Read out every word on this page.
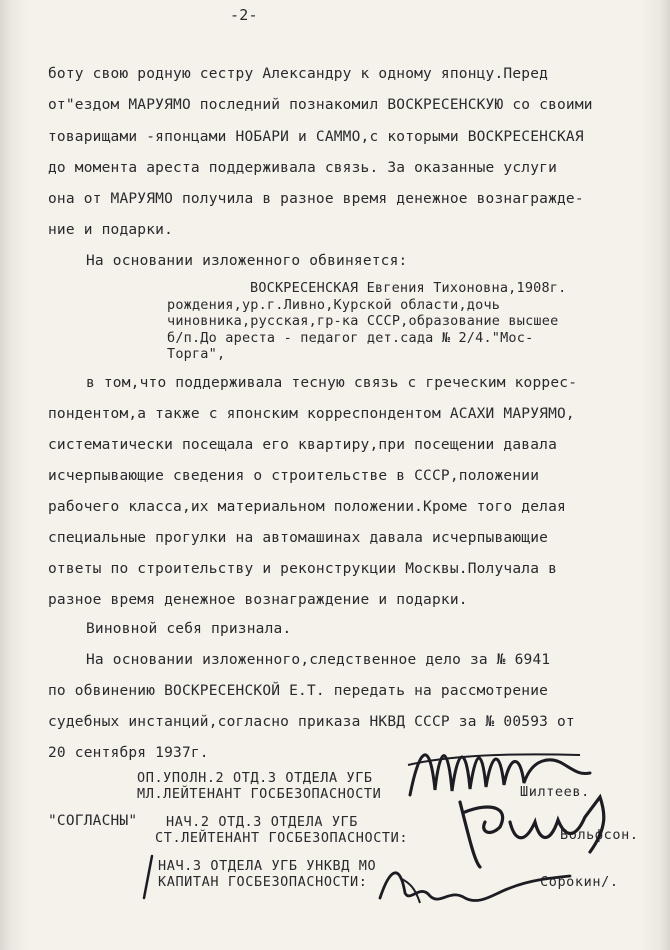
-2-
боту свою родную сестру Александру к одному японцу.Перед
от"ездом МАРУЯМО последний познакомил ВОСКРЕСЕНСКУЮ со своими
товарищами -японцами НОБАРИ и САММО,с которыми ВОСКРЕСЕНСКАЯ
до момента ареста поддерживала связь. За оказанные услуги
она от МАРУЯМО получила в разное время денежное вознагражде-
ние и подарки.
На основании изложенного обвиняется:
ВОСКРЕСЕНСКАЯ Евгения Тихоновна,1908г.
рождения,ур.г.Ливно,Курской области,дочь
чиновника,русская,гр-ка СССР,образование высшее
б/п.До ареста - педагог дет.сада № 2/4."Мос-
Торга",
в том,что поддерживала тесную связь с греческим коррес-
пондентом,а также с японским корреспондентом АСАХИ МАРУЯМО,
систематически посещала его квартиру,при посещении давала
исчерпывающие сведения о строительстве в СССР,положении
рабочего класса,их материальном положении.Кроме того делая
специальные прогулки на автомашинах давала исчерпывающие
ответы по строительству и реконструкции Москвы.Получала в
разное время денежное вознаграждение и подарки.
Виновной себя признала.
На основании изложенного,следственное дело за № 6941
по обвинению ВОСКРЕСЕНСКОЙ Е.Т. передать на рассмотрение
судебных инстанций,согласно приказа НКВД СССР за № 00593 от
20 сентября 1937г.
ОП.УПОЛН.2 ОТД.3 ОТДЕЛА УГБ
МЛ.ЛЕЙТЕНАНТ ГОСБЕЗОПАСНОСТИ	Шилтеев.
"СОГЛАСНЫ" НАЧ.2 ОТД.3 ОТДЕЛА УГБ
СТ.ЛЕЙТЕНАНТ ГОСБЕЗОПАСНОСТИ:	Вольфсон.
НАЧ.3 ОТДЕЛА УГБ УНКВД МО
КАПИТАН ГОСБЕЗОПАСНОСТИ:	Сорокин/.
